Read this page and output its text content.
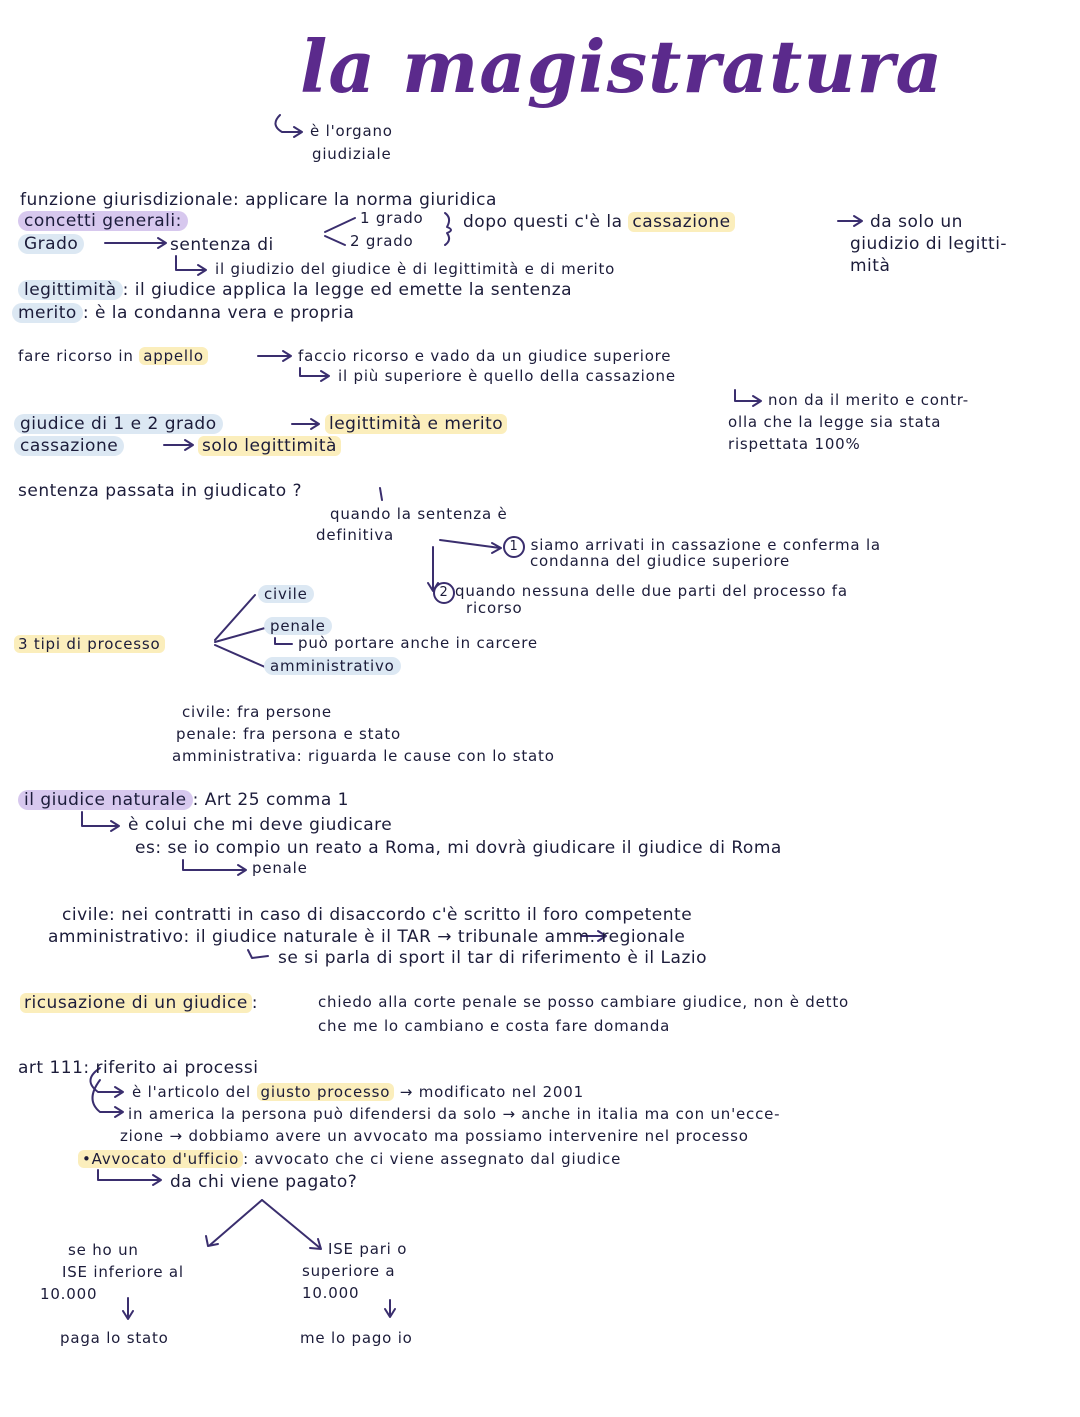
la magistratura
è l'organo
giudiziale
funzione giurisdizionale: applicare la norma giuridica
concetti generali:
Grado	sentenza di
1 grado
2 grado
dopo questi c'è la cassazione	da solo un
giudizio di legitti-
mità
il giudizio del giudice è di legittimità e di merito
legittimità : il giudice applica la legge ed emette la sentenza
merito : è la condanna vera e propria
fare ricorso in appello	faccio ricorso e vado da un giudice superiore
il più superiore è quello della cassazione
non da il merito e contr-
olla che la legge sia stata
rispettata 100%
giudice di 1 e 2 grado	legittimità e merito
cassazione	solo legittimità
sentenza passata in giudicato ?
quando la sentenza è
definitiva
1 siamo arrivati in cassazione e conferma la
condanna del giudice superiore
2 quando nessuna delle due parti del processo fa
ricorso
civile
3 tipi di processo
penale
può portare anche in carcere
amministrativo
civile: fra persone
penale: fra persona e stato
amministrativa: riguarda le cause con lo stato
il giudice naturale : Art 25 comma 1
è colui che mi deve giudicare
es: se io compio un reato a Roma, mi dovrà giudicare il giudice di Roma
penale
civile: nei contratti in caso di disaccordo c'è scritto il foro competente
amministrativo: il giudice naturale è il TAR → tribunale amm. regionale
se si parla di sport il tar di riferimento è il Lazio
ricusazione di un giudice :	chiedo alla corte penale se posso cambiare giudice, non è detto
che me lo cambiano e costa fare domanda
art 111: riferito ai processi
è l'articolo del giusto processo → modificato nel 2001
in america la persona può difendersi da solo → anche in italia ma con un'ecce-
zione → dobbiamo avere un avvocato ma possiamo intervenire nel processo
•Avvocato d'ufficio : avvocato che ci viene assegnato dal giudice
da chi viene pagato?
se ho un
ISE inferiore al
10.000
ISE pari o
superiore a
10.000
paga lo stato	me lo pago io
